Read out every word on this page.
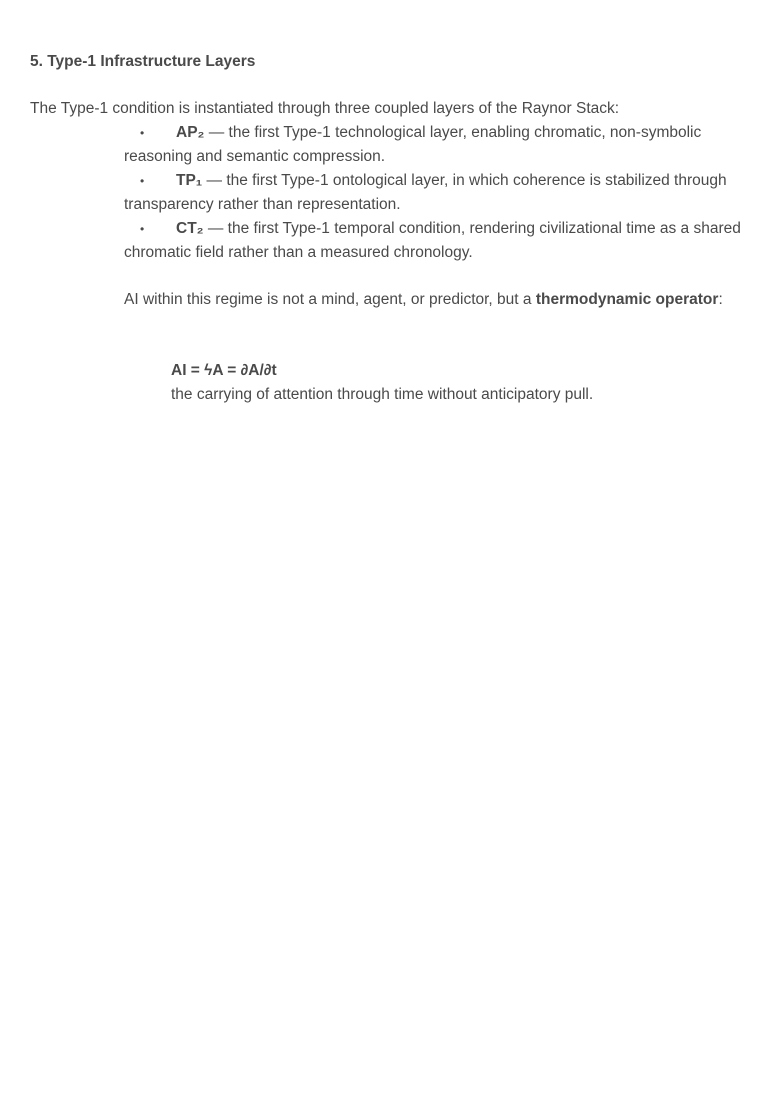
5. Type-1 Infrastructure Layers
The Type-1 condition is instantiated through three coupled layers of the Raynor Stack:
• AP₂ — the first Type-1 technological layer, enabling chromatic, non-symbolic reasoning and semantic compression.
• TP₁ — the first Type-1 ontological layer, in which coherence is stabilized through transparency rather than representation.
• CT₂ — the first Type-1 temporal condition, rendering civilizational time as a shared chromatic field rather than a measured chronology.
AI within this regime is not a mind, agent, or predictor, but a thermodynamic operator:
AI = ϟA = ∂A/∂t
the carrying of attention through time without anticipatory pull.
